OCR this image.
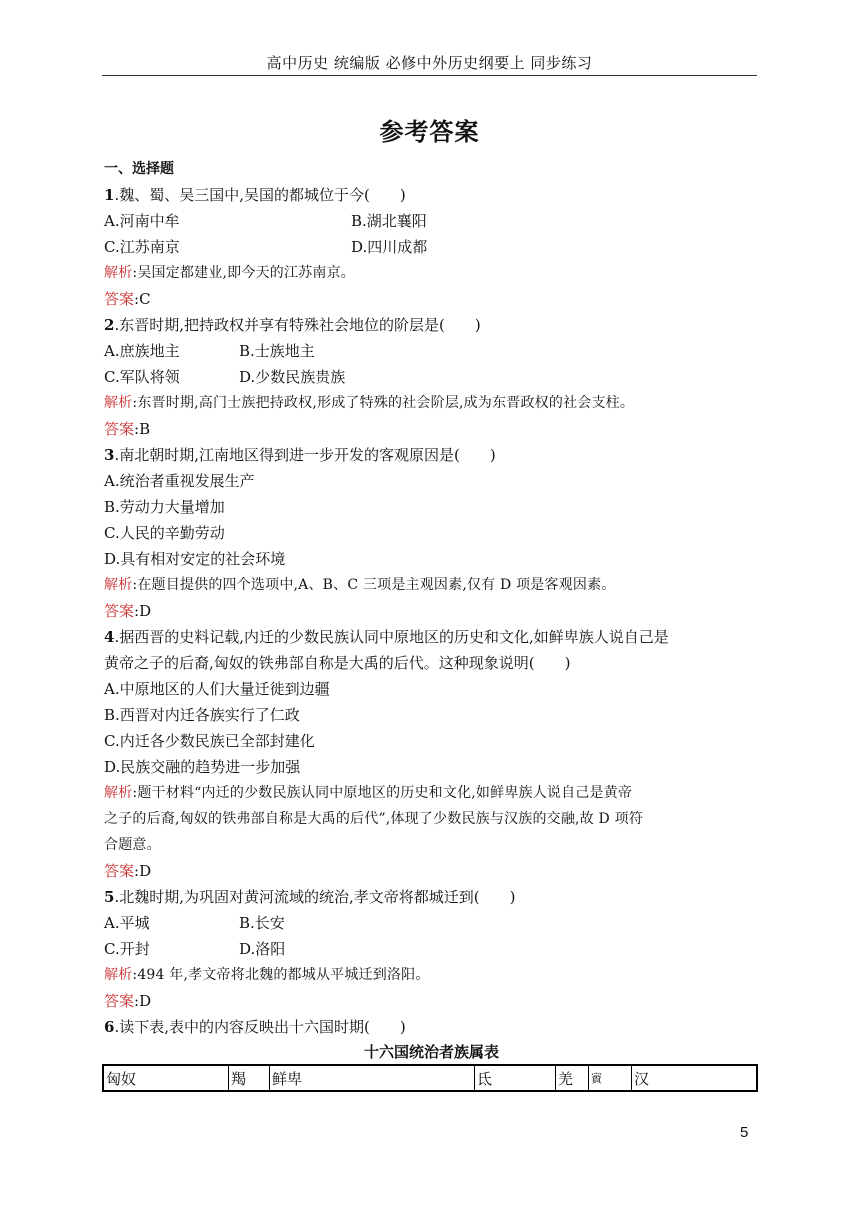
高中历史 统编版 必修中外历史纲要上 同步练习
参考答案
一、选择题
1.魏、蜀、吴三国中,吴国的都城位于今(　　)
A.河南中牟	B.湖北襄阳
C.江苏南京	D.四川成都
解析:吴国定都建业,即今天的江苏南京。
答案:C
2.东晋时期,把持政权并享有特殊社会地位的阶层是(　　)
A.庶族地主	B.士族地主
C.军队将领	D.少数民族贵族
解析:东晋时期,高门士族把持政权,形成了特殊的社会阶层,成为东晋政权的社会支柱。
答案:B
3.南北朝时期,江南地区得到进一步开发的客观原因是(　　)
A.统治者重视发展生产
B.劳动力大量增加
C.人民的辛勤劳动
D.具有相对安定的社会环境
解析:在题目提供的四个选项中,A、B、C 三项是主观因素,仅有 D 项是客观因素。
答案:D
4.据西晋的史料记载,内迁的少数民族认同中原地区的历史和文化,如鲜卑族人说自己是
黄帝之子的后裔,匈奴的铁弗部自称是大禹的后代。这种现象说明(　　)
A.中原地区的人们大量迁徙到边疆
B.西晋对内迁各族实行了仁政
C.内迁各少数民族已全部封建化
D.民族交融的趋势进一步加强
解析:题干材料“内迁的少数民族认同中原地区的历史和文化,如鲜卑族人说自己是黄帝
之子的后裔,匈奴的铁弗部自称是大禹的后代”,体现了少数民族与汉族的交融,故 D 项符
合题意。
答案:D
5.北魏时期,为巩固对黄河流域的统治,孝文帝将都城迁到(　　)
A.平城	B.长安
C.开封	D.洛阳
解析:494 年,孝文帝将北魏的都城从平城迁到洛阳。
答案:D
6.读下表,表中的内容反映出十六国时期(　　)
十六国统治者族属表
匈奴	羯	鲜卑	氐	羌	賨	汉
5
